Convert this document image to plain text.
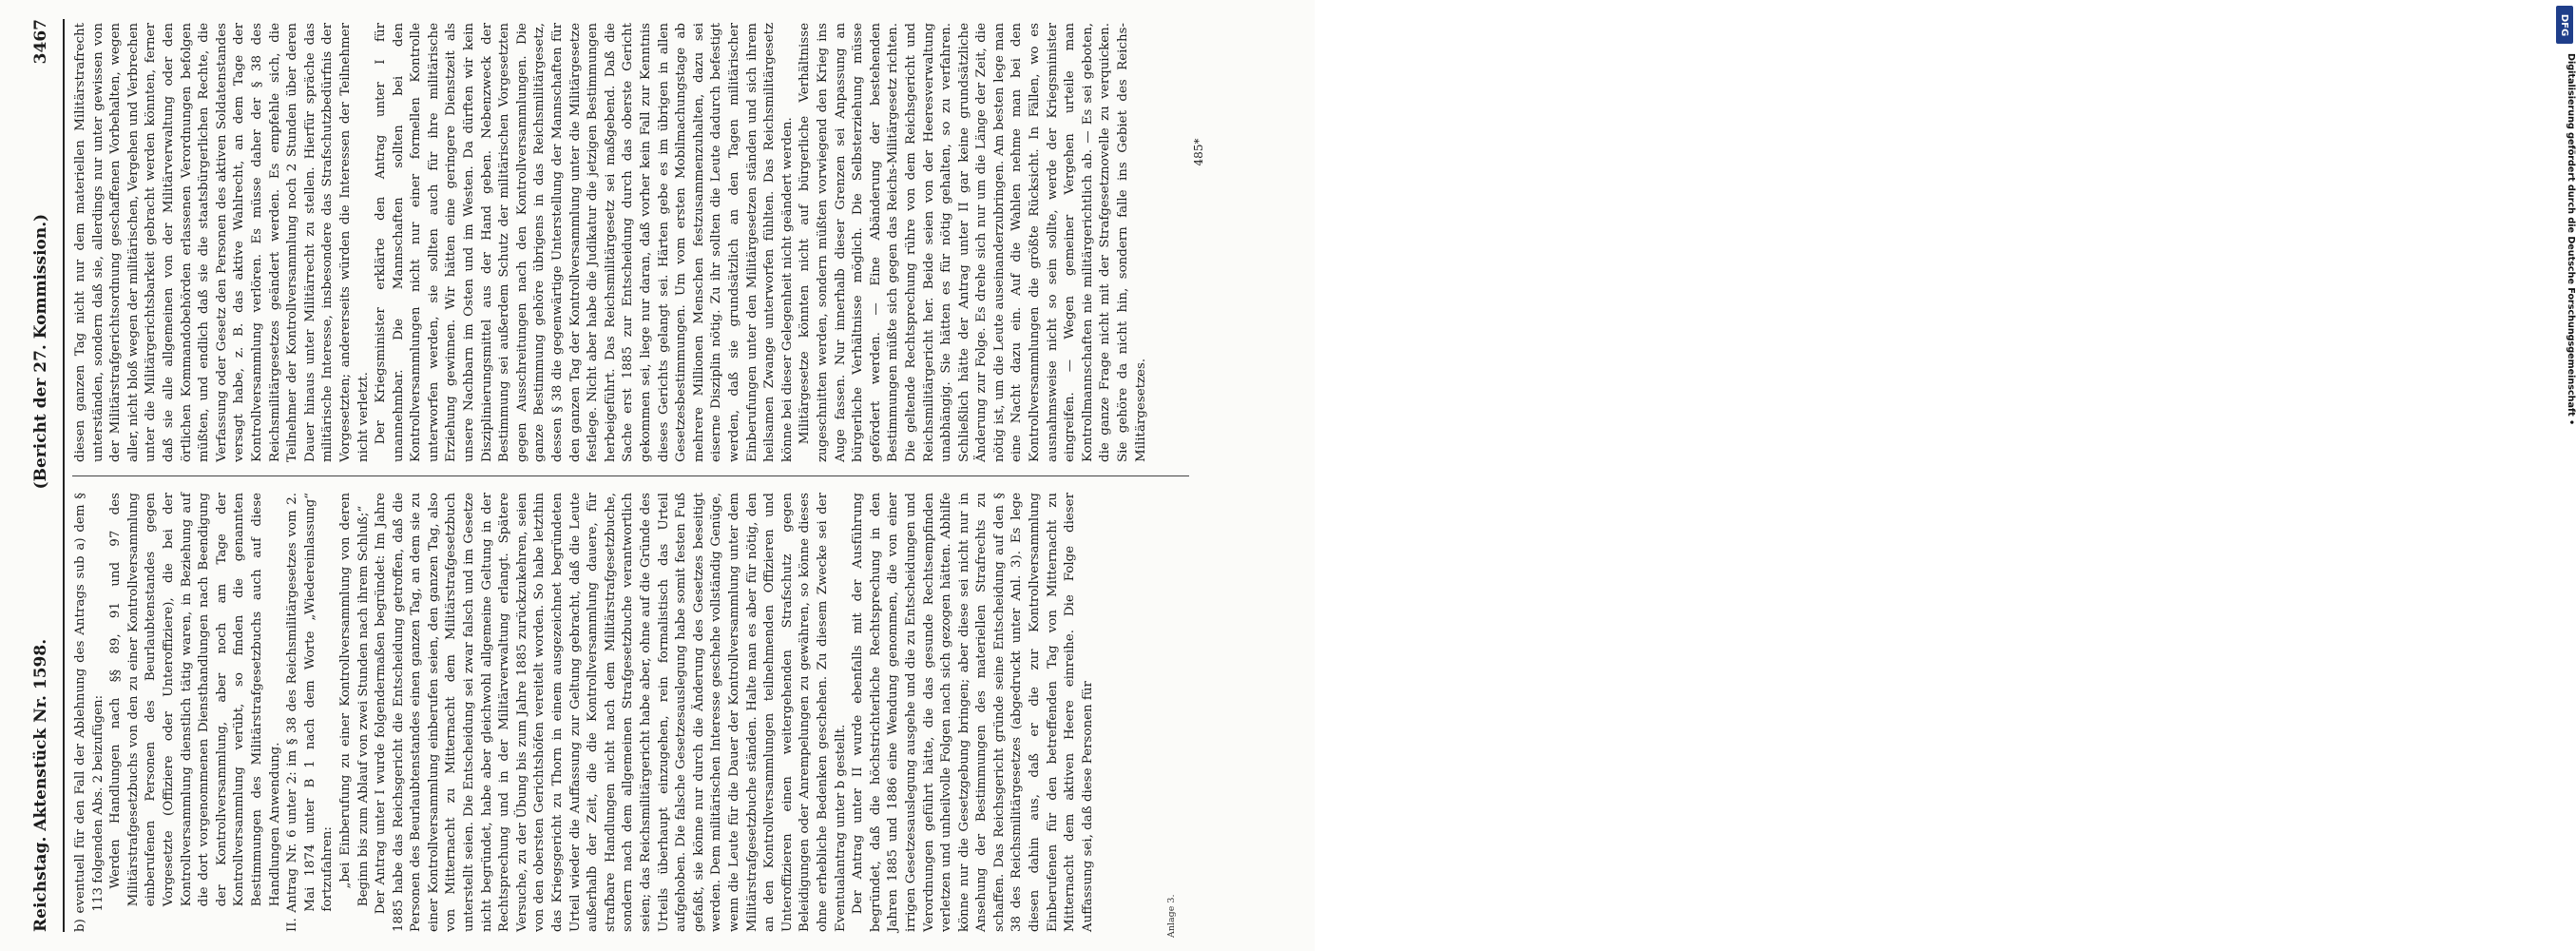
Reichstag. Aktenstück Nr. 1598.
(Bericht der 27. Kommission.)
3467

b) eventuell für den Fall der Ablehnung des Antrags sub a) dem § 113 folgenden Abs. 2 beizufügen: Werden Handlungen nach §§ 89, 91 und 97 des Militärstrafgesetzbuchs von den zu einer Kontrollversammlung einberufenen Personen des Beurlaubtenstandes gegen Vorgesetzte (Offiziere oder Unteroffiziere), die bei der Kontrollversammlung dienstlich tätig waren, in Beziehung auf die dort vorgenommenen Diensthandlungen nach Beendigung der Kontrollversammlung, aber noch am Tage der Kontrollversammlung verübt, so finden die genannten Bestimmungen des Militärstrafgesetzbuchs auch auf diese Handlungen Anwendung. II. Antrag Nr. 6 unter 2: im § 38 des Reichsmilitärgesetzes vom 2. Mai 1874 unter B 1 nach dem Worte „Wiedereinlassung“ fortzufahren: „bei Einberufung zu einer Kontrollversammlung von deren Beginn bis zum Ablauf von zwei Stunden nach ihrem Schluß;“ Der Antrag unter I wurde folgendermaßen begründet: Im Jahre 1885 habe das Reichsgericht die Entscheidung getroffen, daß die Personen des Beurlaubtenstandes einen ganzen Tag, an dem sie zu einer Kontrollversammlung einberufen seien, den ganzen Tag, also von Mitternacht zu Mitternacht dem Militärstrafgesetzbuch unterstellt seien. Die Entscheidung sei zwar falsch und im Gesetze nicht begründet, habe aber gleichwohl allgemeine Geltung in der Rechtsprechung und in der Militärverwaltung erlangt. Spätere Versuche, zu der Übung bis zum Jahre 1885 zurückzukehren, seien von den obersten Gerichtshöfen vereitelt worden. So habe letzthin das Kriegsgericht zu Thorn in einem ausgezeichnet begründeten Urteil wieder die Auffassung zur Geltung gebracht, daß die Leute außerhalb der Zeit, die die Kontrollversammlung dauere, für strafbare Handlungen nicht nach dem Militärstrafgesetzbuche, sondern nach dem allgemeinen Strafgesetzbuche verantwortlich seien; das Reichsmilitärgericht habe aber, ohne auf die Gründe des Urteils überhaupt einzugehen, rein formalistisch das Urteil aufgehoben. Die falsche Gesetzesauslegung habe somit festen Fuß gefaßt, sie könne nur durch die Änderung des Gesetzes beseitigt werden. Dem militärischen Interesse geschehe vollständig Genüge, wenn die Leute für die Dauer der Kontrollversammlung unter dem Militärstrafgesetzbuche ständen. Halte man es aber für nötig, den an den Kontrollversammlungen teilnehmenden Offizieren und Unteroffizieren einen weitergehenden Strafschutz gegen Beleidigungen oder Anrempelungen zu gewähren, so könne dieses ohne erhebliche Bedenken geschehen. Zu diesem Zwecke sei der Eventualantrag unter b gestellt. Der Antrag unter II wurde ebenfalls mit der Ausführung begründet, daß die höchstrichterliche Rechtsprechung in den Jahren 1885 und 1886 eine Wendung genommen, die von einer irrigen Gesetzesauslegung ausgehe und die zu Entscheidungen und Verordnungen geführt hätte, die das gesunde Rechtsempfinden verletzen und unheilvolle Folgen nach sich gezogen hätten. Abhilfe könne nur die Gesetzgebung bringen; aber diese sei nicht nur in Ansehung der Bestimmungen des materiellen Strafrechts zu schaffen. Das Reichsgericht gründe seine Entscheidung auf den § 38 des Reichsmilitärgesetzes (abgedruckt unter Anl. 3). Es lege diesen dahin aus, daß er die zur Kontrollversammlung Einberufenen für den betreffenden Tag von Mitternacht zu Mitternacht dem aktiven Heere einreihe. Die Folge dieser Auffassung sei, daß diese Personen für

diesen ganzen Tag nicht nur dem materiellen Militärstrafrecht unterständen, sondern daß sie, allerdings nur unter gewissen von der Militärstrafgerichtsordnung geschaffenen Vorbehalten, wegen aller, nicht bloß wegen der militärischen, Vergehen und Verbrechen unter die Militärgerichtsbarkeit gebracht werden könnten, ferner daß sie alle allgemeinen von der Militärverwaltung oder den örtlichen Kommandobehörden erlassenen Verordnungen befolgen müßten, und endlich daß sie die staatsbürgerlichen Rechte, die Verfassung oder Gesetz den Personen des aktiven Soldatenstandes versagt habe, z. B. das aktive Wahlrecht, an dem Tage der Kontrollversammlung verlören. Es müsse daher der § 38 des Reichsmilitärgesetzes geändert werden. Es empfehle sich, die Teilnehmer der Kontrollversammlung noch 2 Stunden über deren Dauer hinaus unter Militärrecht zu stellen. Hierfür spräche das militärische Interesse, insbesondere das Strafschutzbedürfnis der Vorgesetzten; andererseits würden die Interessen der Teilnehmer nicht verletzt. Der Kriegsminister erklärte den Antrag unter I für unannehmbar. Die Mannschaften sollten bei den Kontrollversammlungen nicht nur einer formellen Kontrolle unterworfen werden, sie sollten auch für ihre militärische Erziehung gewinnen. Wir hätten eine geringere Dienstzeit als unsere Nachbarn im Osten und im Westen. Da dürften wir kein Disziplinierungsmittel aus der Hand geben. Nebenzweck der Bestimmung sei außerdem Schutz der militärischen Vorgesetzten gegen Ausschreitungen nach den Kontrollversammlungen. Die ganze Bestimmung gehöre übrigens in das Reichsmilitärgesetz, dessen § 38 die gegenwärtige Unterstellung der Mannschaften für den ganzen Tag der Kontrollversammlung unter die Militärgesetze festlege. Nicht aber habe die Judikatur die jetzigen Bestimmungen herbeigeführt. Das Reichsmilitärgesetz sei maßgebend. Daß die Sache erst 1885 zur Entscheidung durch das oberste Gericht gekommen sei, liege nur daran, daß vorher kein Fall zur Kenntnis dieses Gerichts gelangt sei. Härten gebe es im übrigen in allen Gesetzesbestimmungen. Um vom ersten Mobilmachungstage ab mehrere Millionen Menschen festzusammenzuhalten, dazu sei eiserne Disziplin nötig. Zu ihr sollten die Leute dadurch befestigt werden, daß sie grundsätzlich an den Tagen militärischer Einberufungen unter den Militärgesetzen ständen und sich ihrem heilsamen Zwange unterworfen fühlten. Das Reichsmilitärgesetz könne bei dieser Gelegenheit nicht geändert werden. Militärgesetze könnten nicht auf bürgerliche Verhältnisse zugeschnitten werden, sondern müßten vorwiegend den Krieg ins Auge fassen. Nur innerhalb dieser Grenzen sei Anpassung an bürgerliche Verhältnisse möglich. Die Selbsterziehung müsse gefördert werden. — Eine Abänderung der bestehenden Bestimmungen müßte sich gegen das Reichs-Militärgesetz richten. Die geltende Rechtsprechung rühre von dem Reichsgericht und Reichsmilitärgericht her. Beide seien von der Heeresverwaltung unabhängig. Sie hätten es für nötig gehalten, so zu verfahren. Schließlich hätte der Antrag unter II gar keine grundsätzliche Änderung zur Folge. Es drehe sich nur um die Länge der Zeit, die nötig ist, um die Leute auseinanderzubringen. Am besten lege man eine Nacht dazu ein. Auf die Wahlen nehme man bei den Kontrollversammlungen die größte Rücksicht. In Fällen, wo es ausnahmsweise nicht so sein sollte, werde der Kriegsminister eingreifen. — Wegen gemeiner Vergehen urteile man Kontrollmannschaften nie militärgerichtlich ab. — Es sei geboten, die ganze Frage nicht mit der Strafgesetznovelle zu verquicken. Sie gehöre da nicht hin, sondern falle ins Gebiet des Reichs-Militärgesetzes.

Anlage 3.
485*
DFG
Digitalisierung gefördert durch die Deutsche Forschungsgemeinschaft •
